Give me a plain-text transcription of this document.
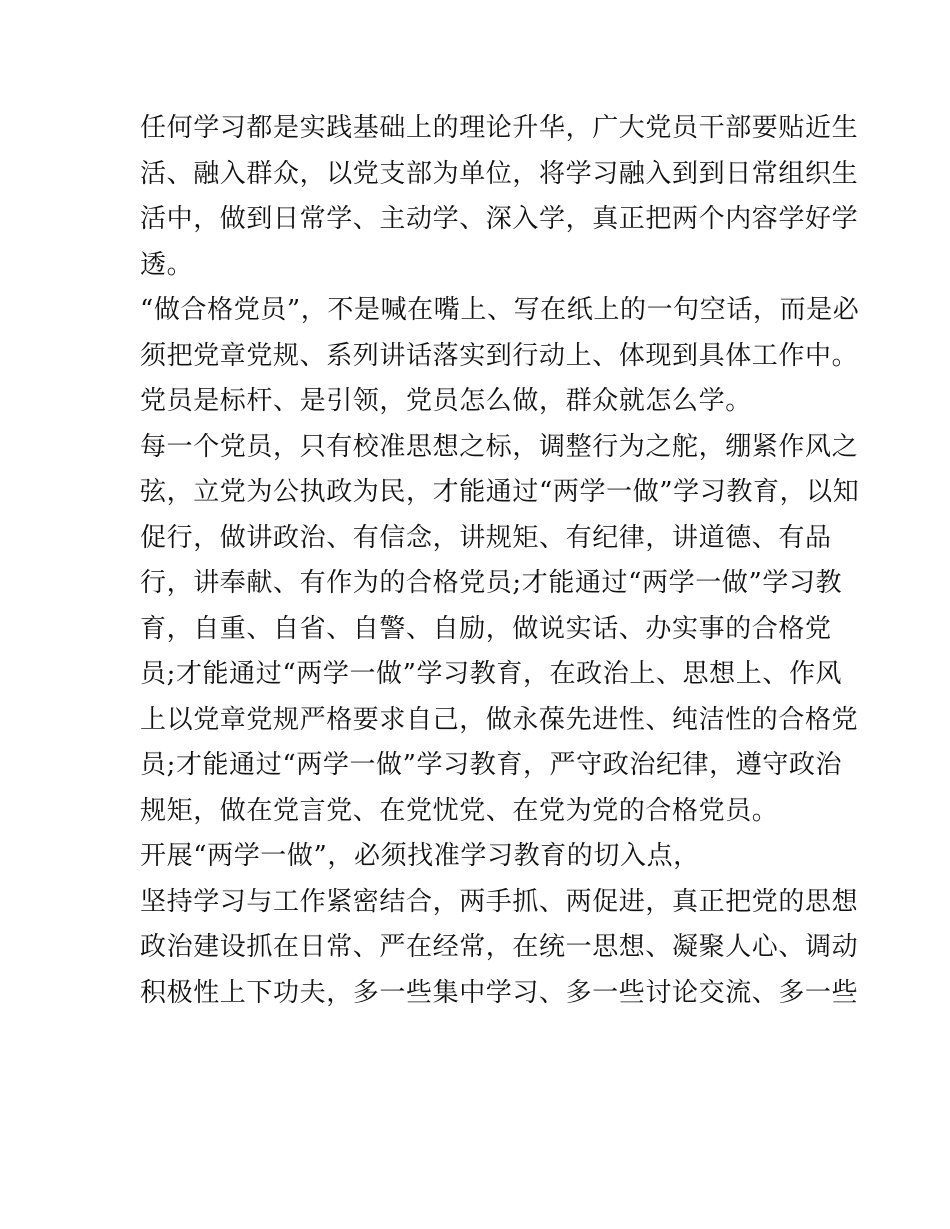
任何学习都是实践基础上的理论升华，广大党员干部要贴近生
活、融入群众，以党支部为单位，将学习融入到到日常组织生
活中，做到日常学、主动学、深入学，真正把两个内容学好学
透。
“做合格党员”，不是喊在嘴上、写在纸上的一句空话，而是必
须把党章党规、系列讲话落实到行动上、体现到具体工作中。
党员是标杆、是引领，党员怎么做，群众就怎么学。
每一个党员，只有校准思想之标，调整行为之舵，绷紧作风之
弦，立党为公执政为民，才能通过“两学一做”学习教育，以知
促行，做讲政治、有信念，讲规矩、有纪律，讲道德、有品
行，讲奉献、有作为的合格党员;才能通过“两学一做”学习教
育，自重、自省、自警、自励，做说实话、办实事的合格党
员;才能通过“两学一做”学习教育，在政治上、思想上、作风
上以党章党规严格要求自己，做永葆先进性、纯洁性的合格党
员;才能通过“两学一做”学习教育，严守政治纪律，遵守政治
规矩，做在党言党、在党忧党、在党为党的合格党员。
开展“两学一做”，必须找准学习教育的切入点，
坚持学习与工作紧密结合，两手抓、两促进，真正把党的思想
政治建设抓在日常、严在经常，在统一思想、凝聚人心、调动
积极性上下功夫，多一些集中学习、多一些讨论交流、多一些
